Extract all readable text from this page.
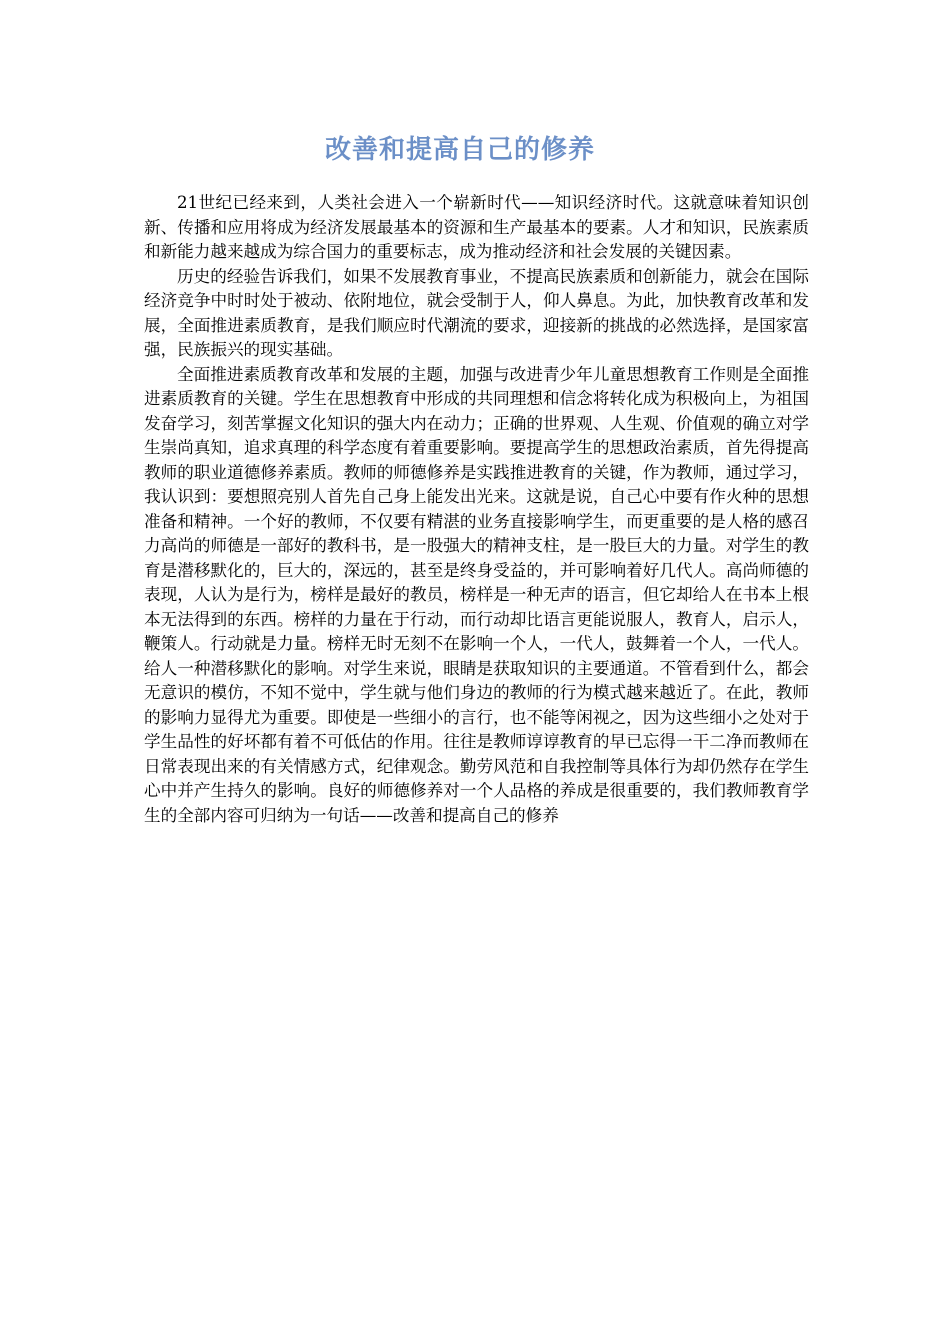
改善和提高自己的修养

21世纪已经来到，人类社会进入一个崭新时代——知识经济时代。这就意味着知识创新、传播和应用将成为经济发展最基本的资源和生产最基本的要素。人才和知识，民族素质和新能力越来越成为综合国力的重要标志，成为推动经济和社会发展的关键因素。

历史的经验告诉我们，如果不发展教育事业，不提高民族素质和创新能力，就会在国际经济竞争中时时处于被动、依附地位，就会受制于人，仰人鼻息。为此，加快教育改革和发展，全面推进素质教育，是我们顺应时代潮流的要求，迎接新的挑战的必然选择，是国家富强，民族振兴的现实基础。

全面推进素质教育改革和发展的主题，加强与改进青少年儿童思想教育工作则是全面推进素质教育的关键。学生在思想教育中形成的共同理想和信念将转化成为积极向上，为祖国发奋学习，刻苦掌握文化知识的强大内在动力；正确的世界观、人生观、价值观的确立对学生崇尚真知，追求真理的科学态度有着重要影响。要提高学生的思想政治素质，首先得提高教师的职业道德修养素质。教师的师德修养是实践推进教育的关键，作为教师，通过学习，我认识到：要想照亮别人首先自己身上能发出光来。这就是说，自己心中要有作火种的思想准备和精神。一个好的教师，不仅要有精湛的业务直接影响学生，而更重要的是人格的感召力高尚的师德是一部好的教科书，是一股强大的精神支柱，是一股巨大的力量。对学生的教育是潜移默化的，巨大的，深远的，甚至是终身受益的，并可影响着好几代人。高尚师德的表现，人认为是行为，榜样是最好的教员，榜样是一种无声的语言，但它却给人在书本上根本无法得到的东西。榜样的力量在于行动，而行动却比语言更能说服人，教育人，启示人，鞭策人。行动就是力量。榜样无时无刻不在影响一个人，一代人，鼓舞着一个人，一代人。给人一种潜移默化的影响。对学生来说，眼睛是获取知识的主要通道。不管看到什么，都会无意识的模仿，不知不觉中，学生就与他们身边的教师的行为模式越来越近了。在此，教师的影响力显得尤为重要。即使是一些细小的言行，也不能等闲视之，因为这些细小之处对于学生品性的好坏都有着不可低估的作用。往往是教师谆谆教育的早已忘得一干二净而教师在日常表现出来的有关情感方式，纪律观念。勤劳风范和自我控制等具体行为却仍然存在学生心中并产生持久的影响。良好的师德修养对一个人品格的养成是很重要的，我们教师教育学生的全部内容可归纳为一句话——改善和提高自己的修养
